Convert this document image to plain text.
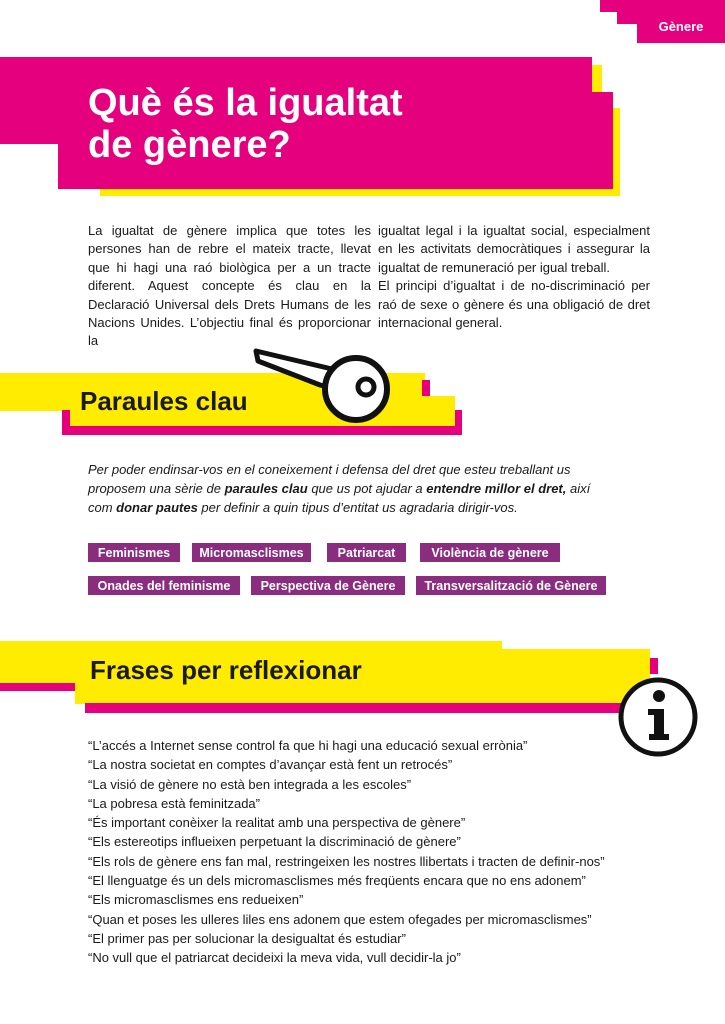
Gènere
Què és la igualtat
de gènere?

La igualtat de gènere implica que totes les persones han de rebre el mateix tracte, llevat que hi hagi una raó biològica per a un tracte diferent. Aquest concepte és clau en la Declaració Universal dels Drets Humans de les Nacions Unides. L’objectiu final és proporcionar la

igualtat legal i la igualtat social, especialment en les activitats democràtiques i assegurar la igualtat de remuneració per igual treball.

El principi d’igualtat i de no-discriminació per raó de sexe o gènere és una obligació de dret internacional general.

Paraules clau

Per poder endinsar-vos en el coneixement i defensa del dret que esteu treballant us proposem una sèrie de paraules clau que us pot ajudar a entendre millor el dret, així com donar pautes per definir a quin tipus d’entitat us agradaria dirigir-vos.

Feminismes	Micromasclismes	Patriarcat	Violència de gènere
Onades del feminisme	Perspectiva de Gènere	Transversalització de Gènere
Frases per reflexionar
“L’accés a Internet sense control fa que hi hagi una educació sexual errònia”
“La nostra societat en comptes d’avançar està fent un retrocés”
“La visió de gènere no està ben integrada a les escoles”
“La pobresa està feminitzada”
“És important conèixer la realitat amb una perspectiva de gènere”
“Els estereotips influeixen perpetuant la discriminació de gènere”
“Els rols de gènere ens fan mal, restringeixen les nostres llibertats i tracten de definir-nos”
“El llenguatge és un dels micromasclismes més freqüents encara que no ens adonem”
“Els micromasclismes ens redueixen”
“Quan et poses les ulleres liles ens adonem que estem ofegades per micromasclismes”
“El primer pas per solucionar la desigualtat és estudiar”
“No vull que el patriarcat decideixi la meva vida, vull decidir-la jo”
